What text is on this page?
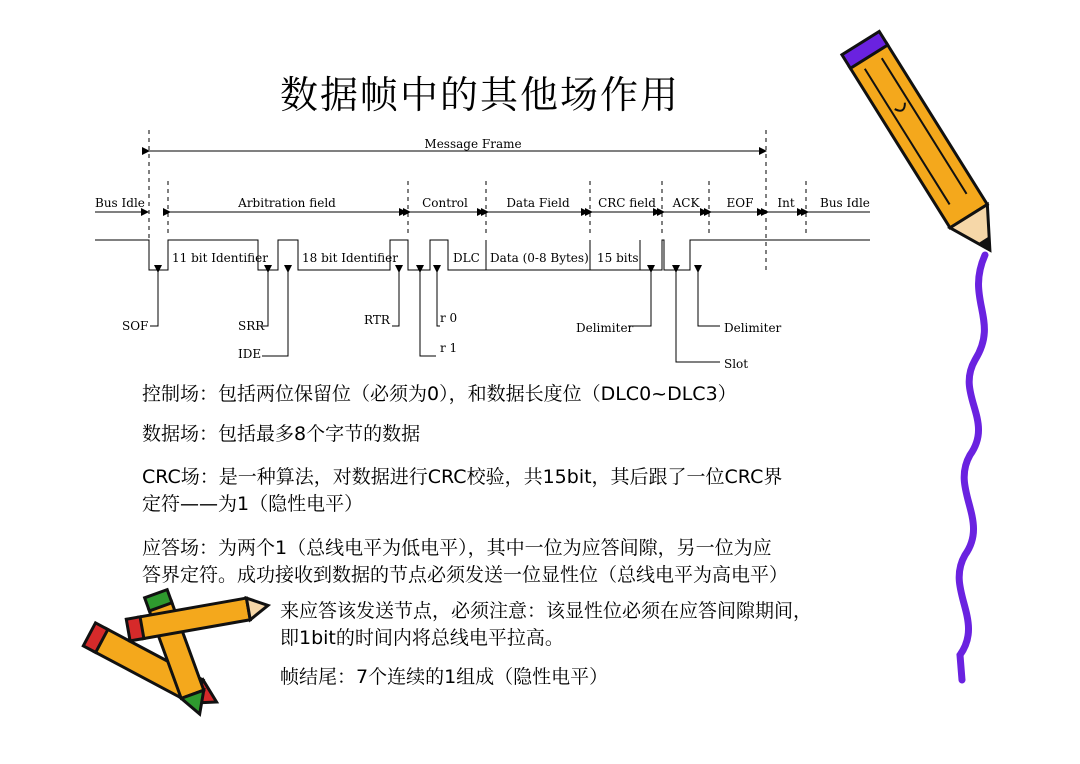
数据帧中的其他场作用
Message Frame
Bus Idle	Arbitration field	Control	Data Field CRC field ACK EOF Int Bus Idle
11 bit Identifier	18 bit Identifier	DLC Data (0-8 Bytes) 15 bits
SOF	SRR
IDE
RTR
r 1
r 0
Delimiter
Slot
Delimiter
控制场：包括两位保留位（必须为0），和数据长度位（DLC0~DLC3）
数据场：包括最多8个字节的数据
CRC场：是一种算法，对数据进行CRC校验，共15bit，其后跟了一位CRC界
定符——为1（隐性电平）
应答场：为两个1（总线电平为低电平），其中一位为应答间隙，另一位为应
答界定符。成功接收到数据的节点必须发送一位显性位（总线电平为高电平）
来应答该发送节点，必须注意：该显性位必须在应答间隙期间，
即1bit的时间内将总线电平拉高。
帧结尾：7个连续的1组成（隐性电平）
